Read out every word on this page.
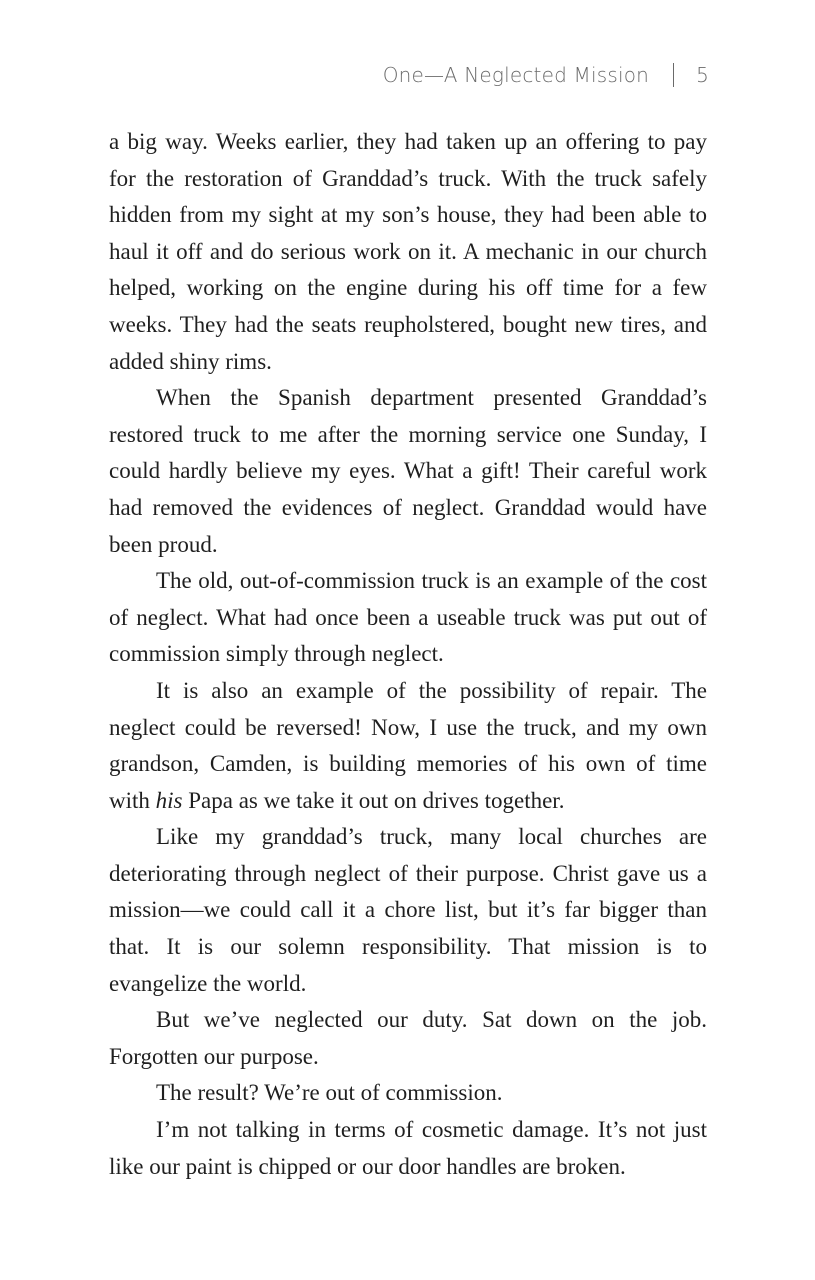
One—A Neglected Mission 5

a big way. Weeks earlier, they had taken up an offering to pay for the restoration of Granddad’s truck. With the truck safely hidden from my sight at my son’s house, they had been able to haul it off and do serious work on it. A mechanic in our church helped, working on the engine during his off time for a few weeks. They had the seats reupholstered, bought new tires, and added shiny rims.

When the Spanish department presented Granddad’s restored truck to me after the morning service one Sunday, I could hardly believe my eyes. What a gift! Their careful work had removed the evidences of neglect. Granddad would have been proud.

The old, out-of-commission truck is an example of the cost of neglect. What had once been a useable truck was put out of commission simply through neglect.

It is also an example of the possibility of repair. The neglect could be reversed! Now, I use the truck, and my own grandson, Camden, is building memories of his own of time with his Papa as we take it out on drives together.

Like my granddad’s truck, many local churches are deteriorating through neglect of their purpose. Christ gave us a mission—we could call it a chore list, but it’s far bigger than that. It is our solemn responsibility. That mission is to evangelize the world.

But we’ve neglected our duty. Sat down on the job. Forgotten our purpose.

The result? We’re out of commission.

I’m not talking in terms of cosmetic damage. It’s not just like our paint is chipped or our door handles are broken.
